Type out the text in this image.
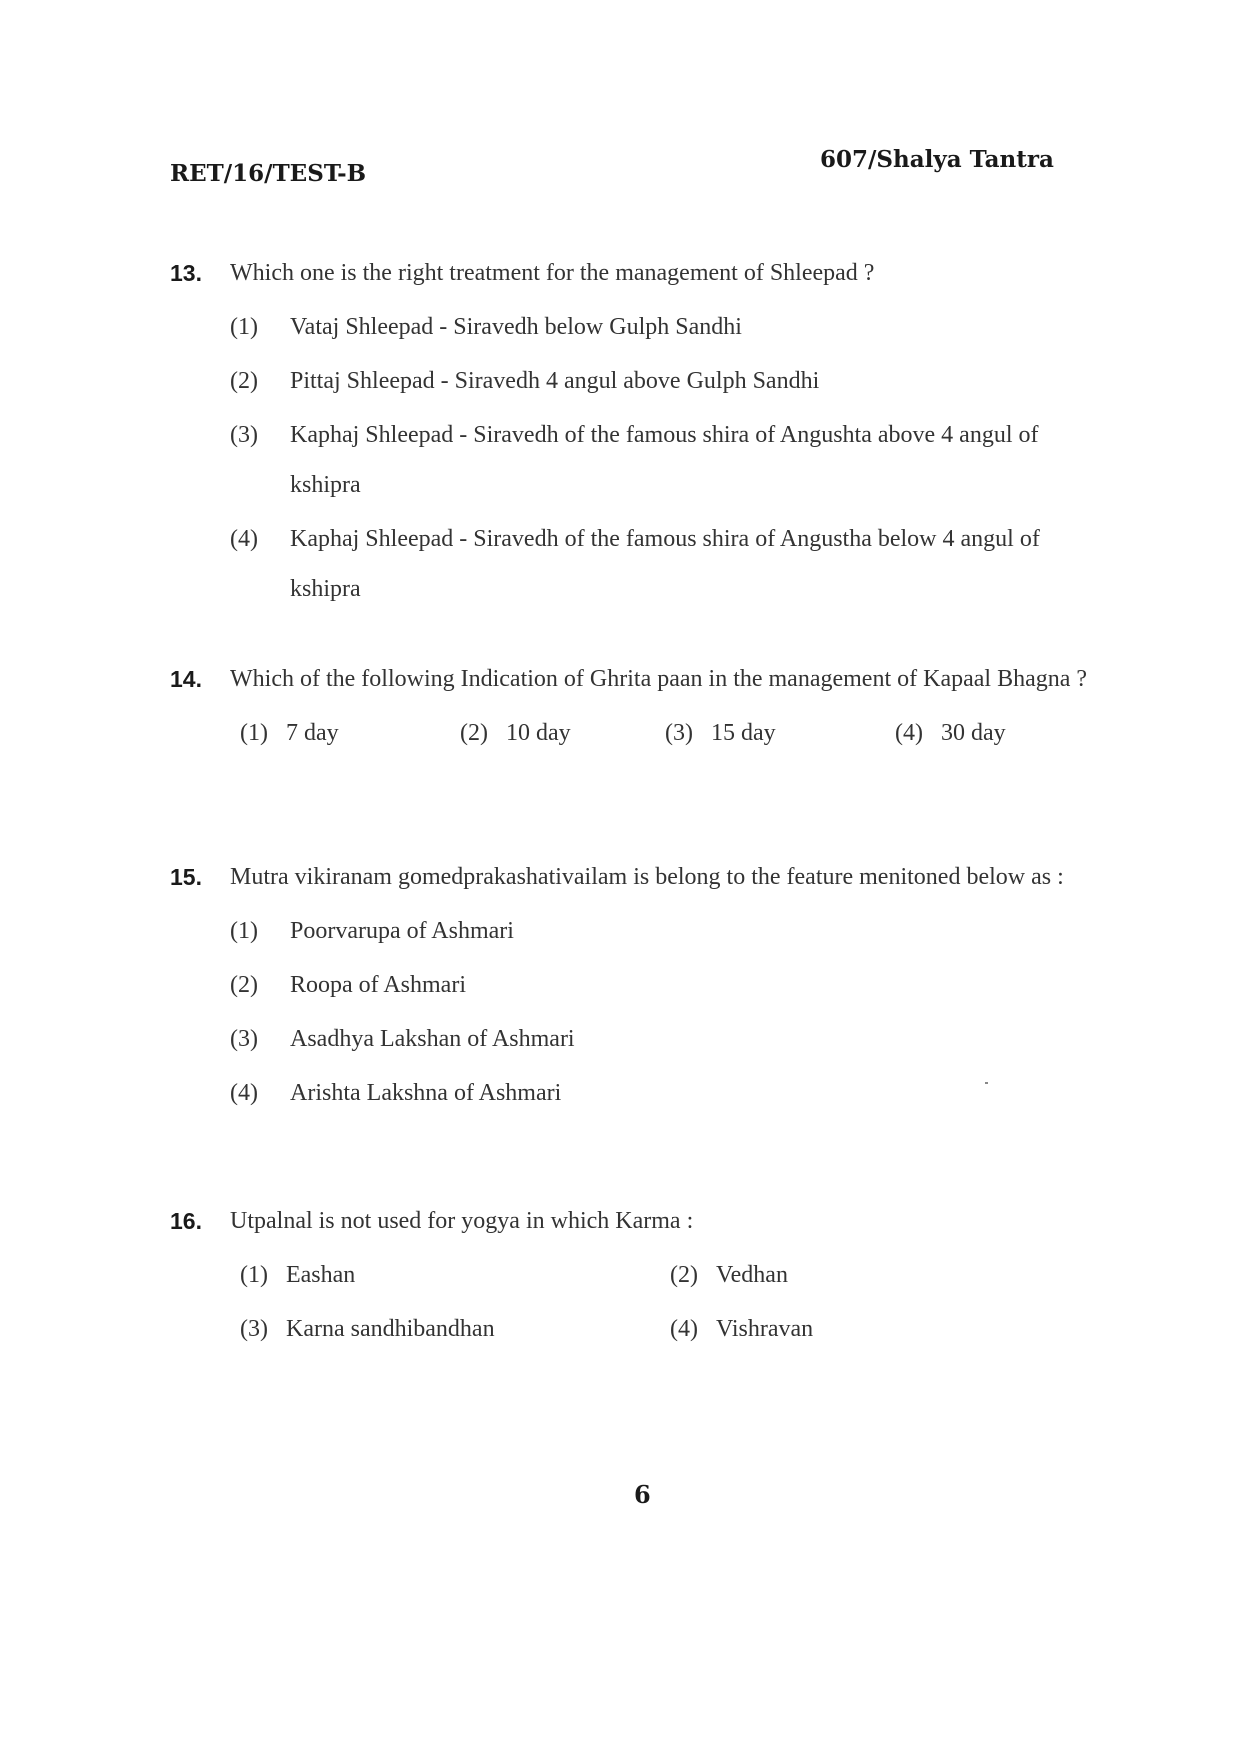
RET/16/TEST-B
607/Shalya Tantra
13. Which one is the right treatment for the management of Shleepad ?
(1) Vataj Shleepad - Siravedh below Gulph Sandhi
(2) Pittaj Shleepad - Siravedh 4 angul above Gulph Sandhi
(3) Kaphaj Shleepad - Siravedh of the famous shira of Angushta above 4 angul of kshipra
(4) Kaphaj Shleepad - Siravedh of the famous shira of Angustha below 4 angul of kshipra
14. Which of the following Indication of Ghrita paan in the management of Kapaal Bhagna ?
(1) 7 day	(2) 10 day	(3) 15 day	(4) 30 day
15. Mutra vikiranam gomedprakashativailam is belong to the feature menitoned below as :
(1) Poorvarupa of Ashmari
(2) Roopa of Ashmari
(3) Asadhya Lakshan of Ashmari
(4) Arishta Lakshna of Ashmari
16. Utpalnal is not used for yogya in which Karma :
(1) Eashan	(2) Vedhan
(3) Karna sandhibandhan	(4) Vishravan
6
